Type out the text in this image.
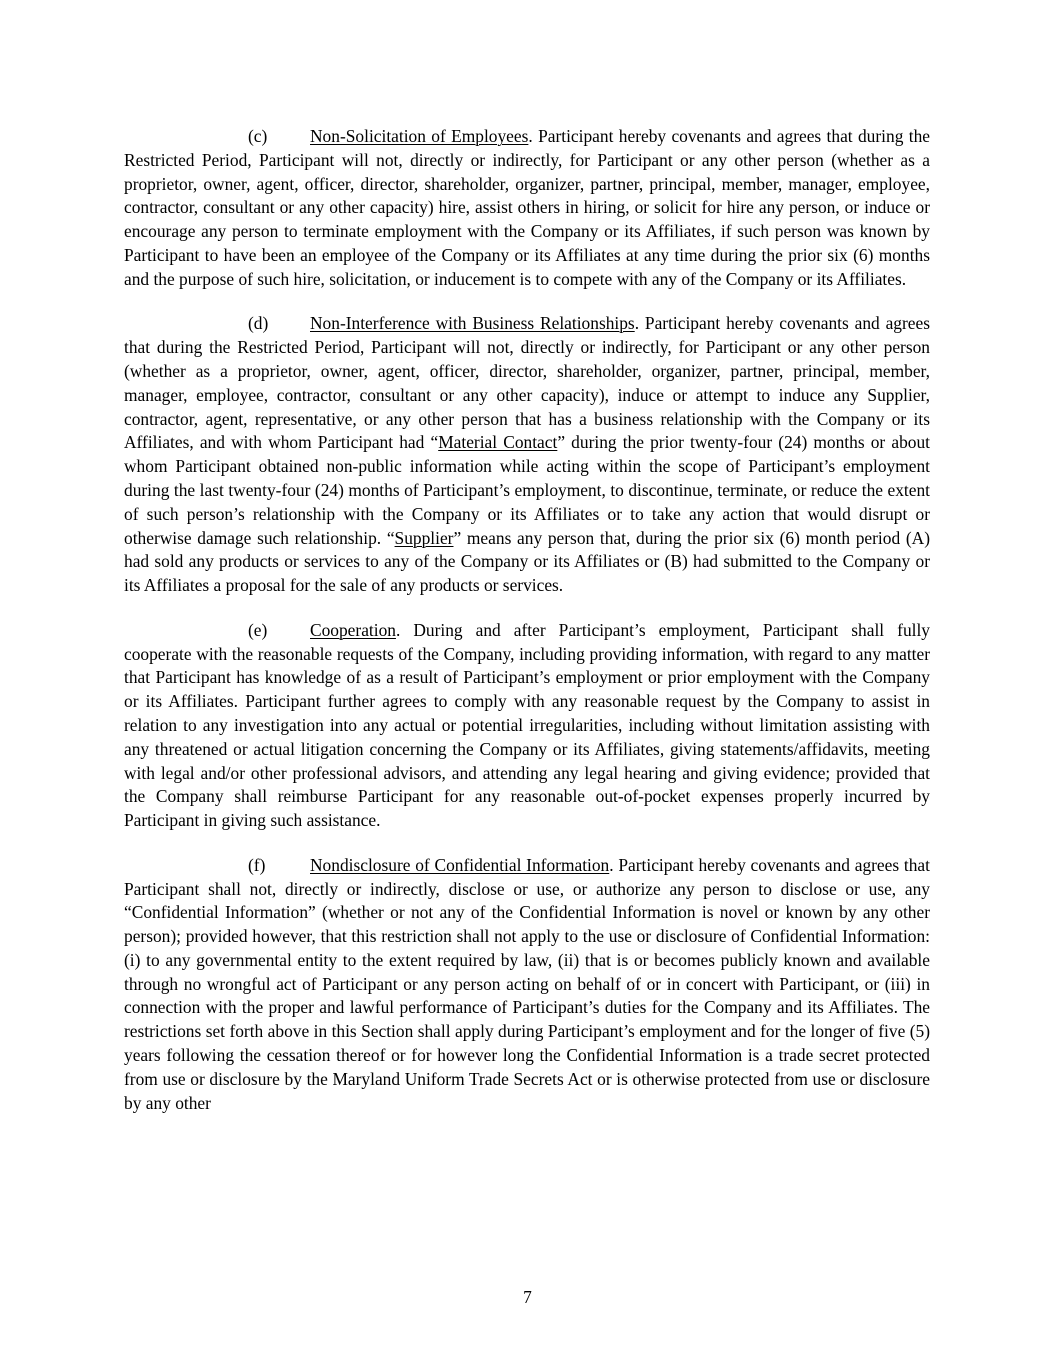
(c) Non-Solicitation of Employees. Participant hereby covenants and agrees that during the Restricted Period, Participant will not, directly or indirectly, for Participant or any other person (whether as a proprietor, owner, agent, officer, director, shareholder, organizer, partner, principal, member, manager, employee, contractor, consultant or any other capacity) hire, assist others in hiring, or solicit for hire any person, or induce or encourage any person to terminate employment with the Company or its Affiliates, if such person was known by Participant to have been an employee of the Company or its Affiliates at any time during the prior six (6) months and the purpose of such hire, solicitation, or inducement is to compete with any of the Company or its Affiliates.

(d) Non-Interference with Business Relationships. Participant hereby covenants and agrees that during the Restricted Period, Participant will not, directly or indirectly, for Participant or any other person (whether as a proprietor, owner, agent, officer, director, shareholder, organizer, partner, principal, member, manager, employee, contractor, consultant or any other capacity), induce or attempt to induce any Supplier, contractor, agent, representative, or any other person that has a business relationship with the Company or its Affiliates, and with whom Participant had “Material Contact” during the prior twenty-four (24) months or about whom Participant obtained non-public information while acting within the scope of Participant’s employment during the last twenty-four (24) months of Participant’s employment, to discontinue, terminate, or reduce the extent of such person’s relationship with the Company or its Affiliates or to take any action that would disrupt or otherwise damage such relationship. “Supplier” means any person that, during the prior six (6) month period (A) had sold any products or services to any of the Company or its Affiliates or (B) had submitted to the Company or its Affiliates a proposal for the sale of any products or services.

(e) Cooperation. During and after Participant’s employment, Participant shall fully cooperate with the reasonable requests of the Company, including providing information, with regard to any matter that Participant has knowledge of as a result of Participant’s employment or prior employment with the Company or its Affiliates. Participant further agrees to comply with any reasonable request by the Company to assist in relation to any investigation into any actual or potential irregularities, including without limitation assisting with any threatened or actual litigation concerning the Company or its Affiliates, giving statements/affidavits, meeting with legal and/or other professional advisors, and attending any legal hearing and giving evidence; provided that the Company shall reimburse Participant for any reasonable out-of-pocket expenses properly incurred by Participant in giving such assistance.

(f)	Nondisclosure of Confidential Information. Participant hereby covenants and agrees that Participant shall not, directly or indirectly, disclose or use, or authorize any person to disclose or use, any “Confidential Information” (whether or not any of the Confidential Information is novel or known by any other person); provided however, that this restriction shall not apply to the use or disclosure of Confidential Information: (i) to any governmental entity to the extent required by law, (ii) that is or becomes publicly known and available through no wrongful act of Participant or any person acting on behalf of or in concert with Participant, or (iii) in connection with the proper and lawful performance of Participant’s duties for the Company and its Affiliates. The restrictions set forth above in this Section shall apply during Participant’s employment and for the longer of five (5) years following the cessation thereof or for however long the Confidential Information is a trade secret protected from use or disclosure by the Maryland Uniform Trade Secrets Act or is otherwise protected from use or disclosure by any other

7
